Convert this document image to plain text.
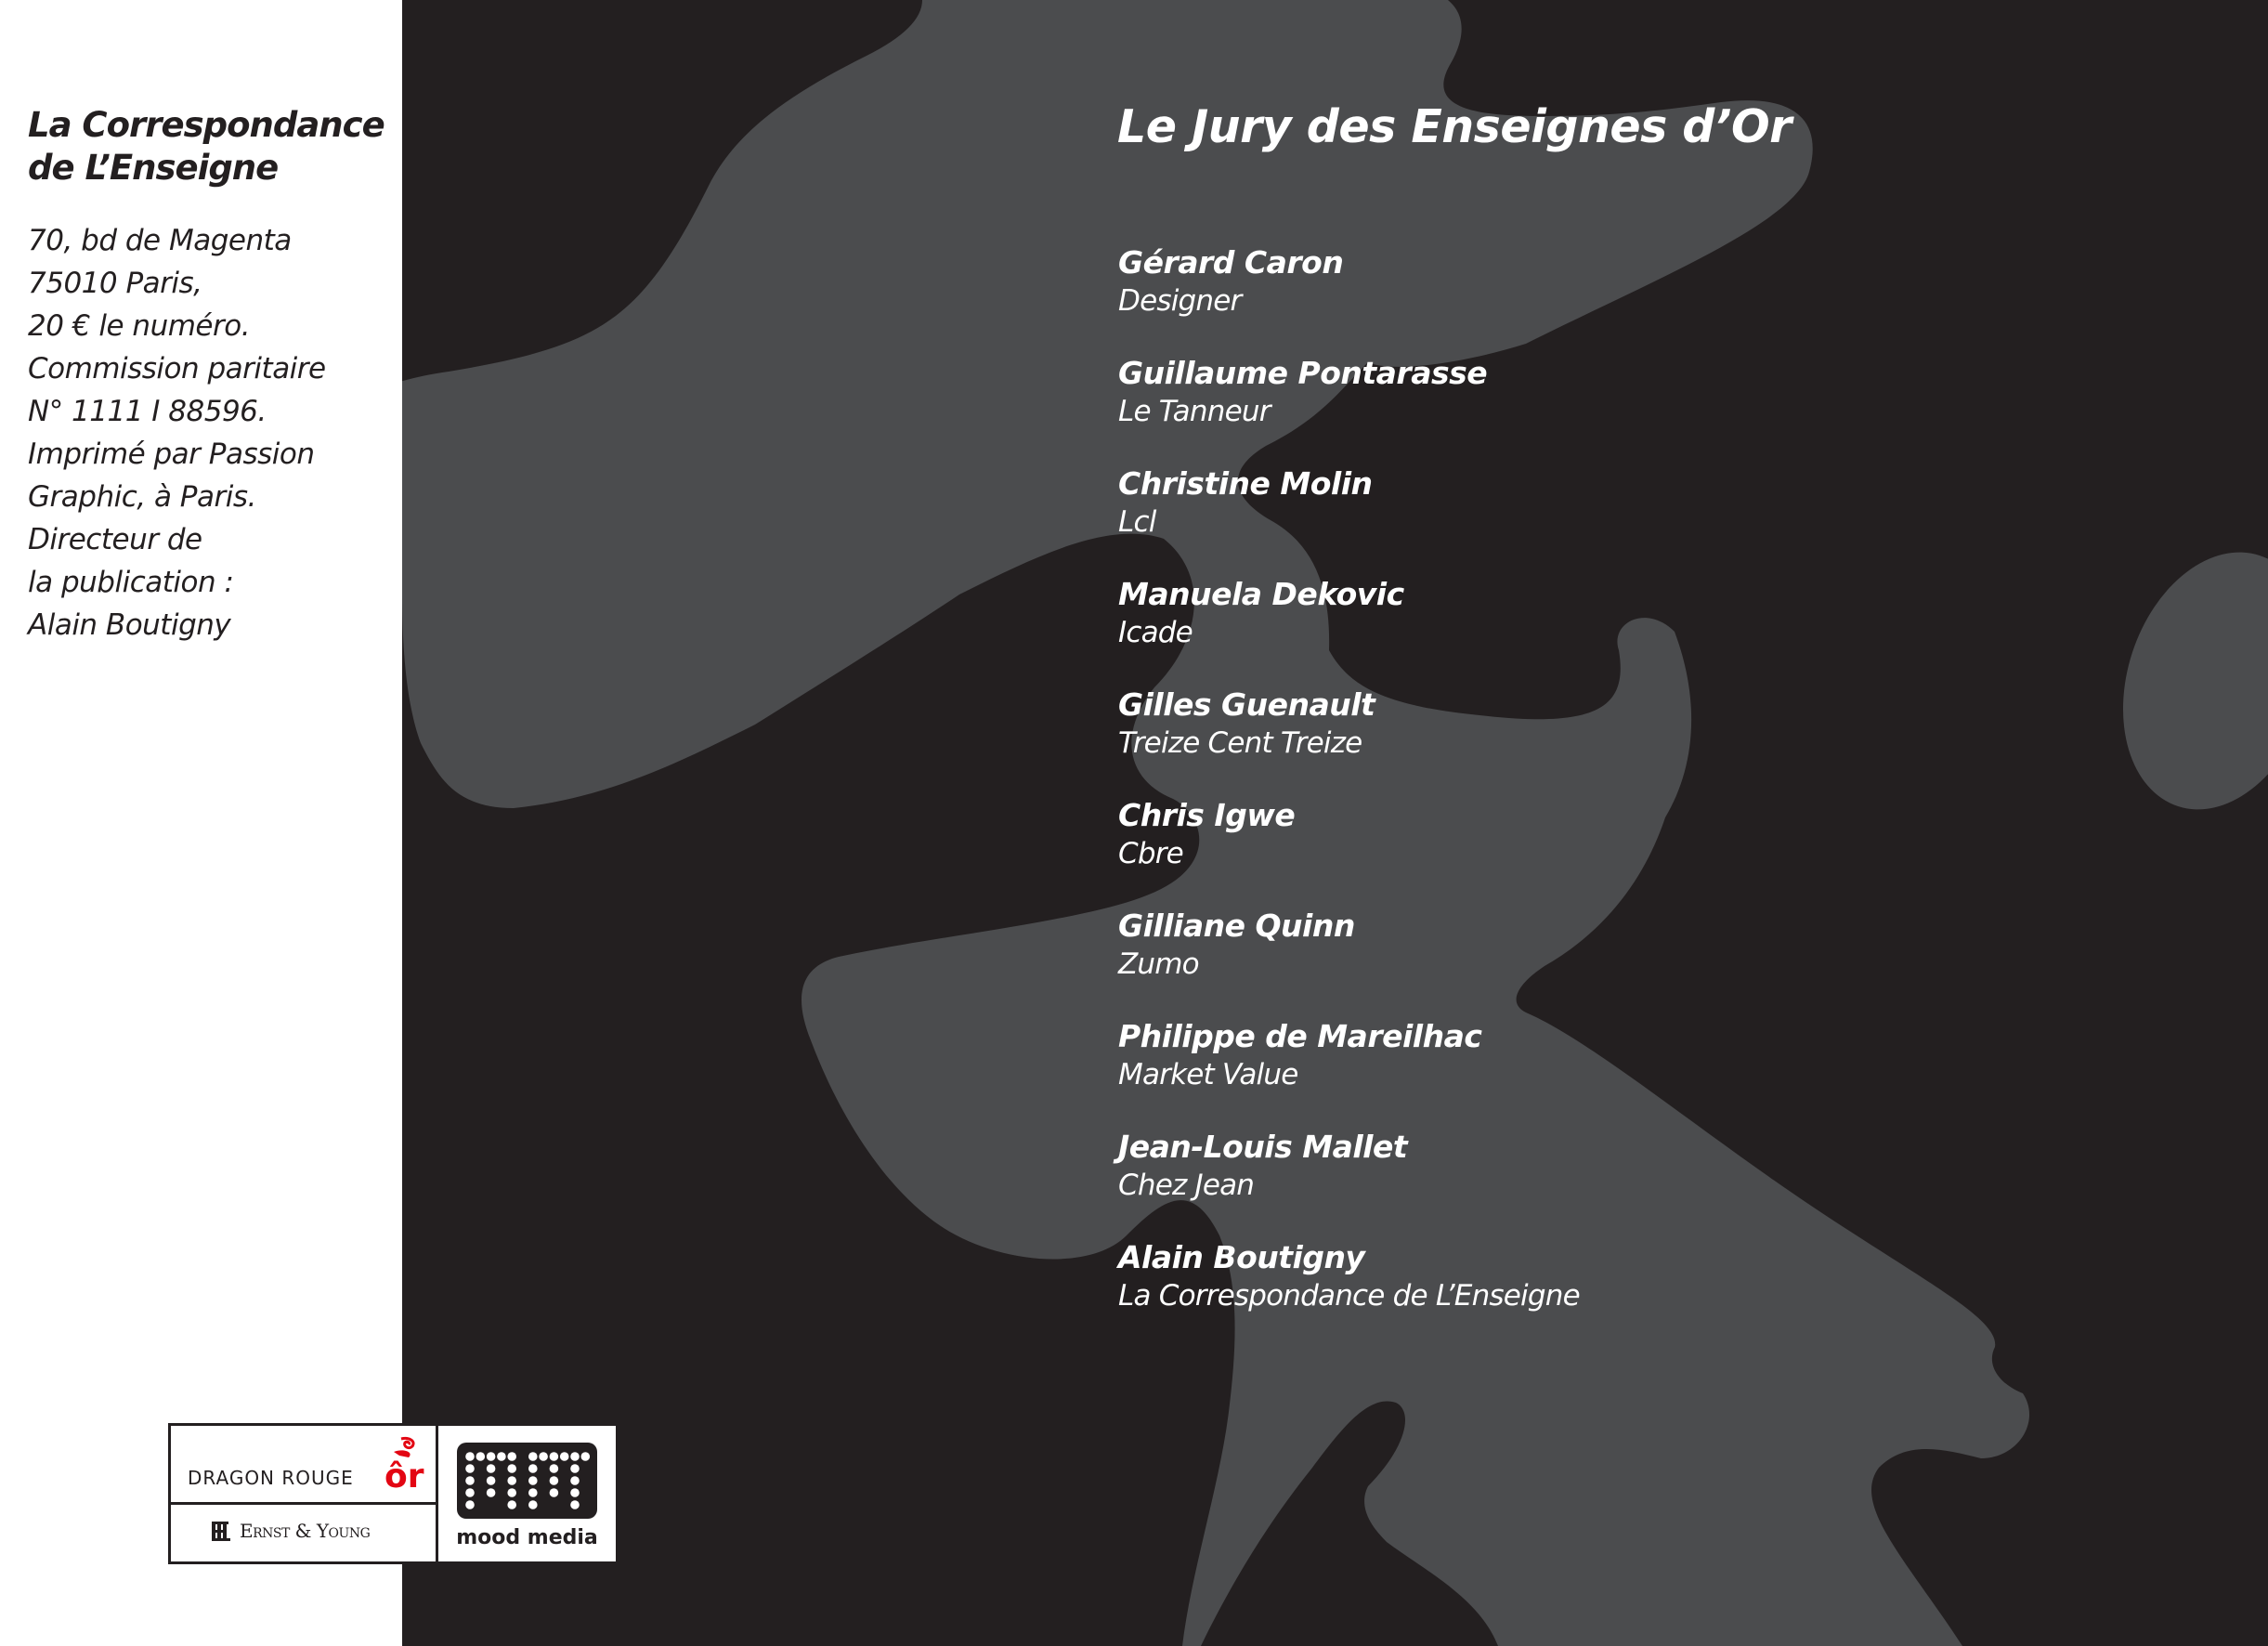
La Correspondance
de L’Enseigne
70, bd de Magenta
75010 Paris,
20 € le numéro.
Commission paritaire
N° 1111 I 88596.
Imprimé par Passion
Graphic, à Paris.
Directeur de
la publication :
Alain Boutigny
Le Jury des Enseignes d’Or
Gérard Caron
Designer
Guillaume Pontarasse
Le Tanneur
Christine Molin
Lcl
Manuela Dekovic
Icade
Gilles Guenault
Treize Cent Treize
Chris Igwe
Cbre
Gilliane Quinn
Zumo
Philippe de Mareilhac
Market Value
Jean-Louis Mallet
Chez Jean
Alain Boutigny
La Correspondance de L’Enseigne
DRAGON ROUGE ôr
Ernst & Young	mood media
